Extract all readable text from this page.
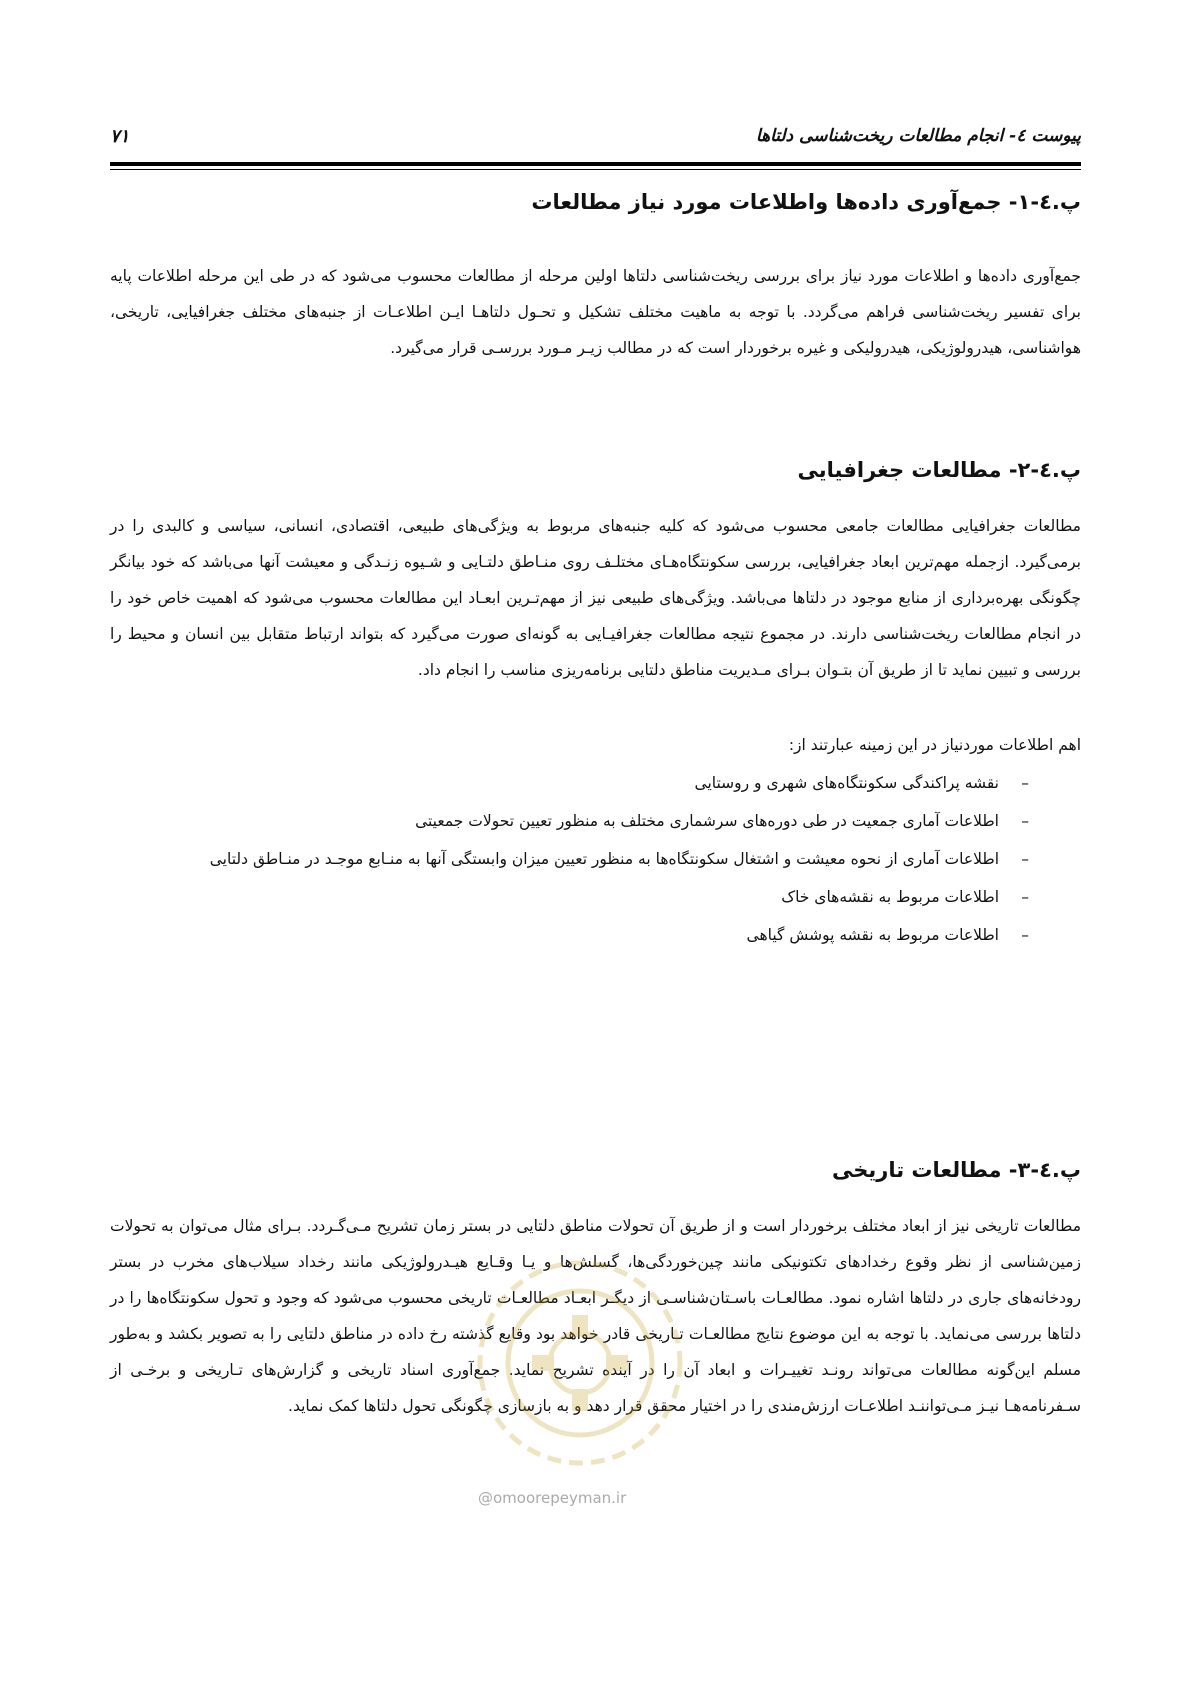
پیوست ٤- انجام مطالعات ریخت‌شناسی دلتاها
۷۱
پ.٤-۱- جمع‌آوری داده‌ها واطلاعات مورد نیاز مطالعات
جمع‌آوری داده‌ها و اطلاعات مورد نیاز برای بررسی ریخت‌شناسی دلتاها اولین مرحله از مطالعات محسوب می‌شود که در طی این مرحله اطلاعات پایه برای تفسیر ریخت‌شناسی فراهم می‌گردد. با توجه به ماهیت مختلف تشکیل و تحـول دلتاهـا ایـن اطلاعـات از جنبه‌های مختلف جغرافیایی، تاریخی، هواشناسی، هیدرولوژیکی، هیدرولیکی و غیره برخوردار است که در مطالب زیـر مـورد بررسـی قرار می‌گیرد.
پ.٤-۲- مطالعات جغرافیایی
مطالعات جغرافیایی مطالعات جامعی محسوب می‌شود که کلیه جنبه‌های مربوط به ویژگی‌های طبیعی، اقتصادی، انسانی، سیاسی و کالبدی را در برمی‌گیرد. ازجمله مهم‌ترین ابعاد جغرافیایی، بررسی سکونتگاه‌هـای مختلـف روی منـاطق دلتـایی و شـیوه زنـدگی و معیشت آنها می‌باشد که خود بیانگر چگونگی بهره‌برداری از منابع موجود در دلتاها می‌باشد. ویژگی‌های طبیعی نیز از مهم‌تـرین ابعـاد این مطالعات محسوب می‌شود که اهمیت خاص خود را در انجام مطالعات ریخت‌شناسی دارند. در مجموع نتیجه مطالعات جغرافیـایی به گونه‌ای صورت می‌گیرد که بتواند ارتباط متقابل بین انسان و محیط را بررسی و تبیین نماید تا از طریق آن بتـوان بـرای مـدیریت مناطق دلتایی برنامه‌ریزی مناسب را انجام داد.
اهم اطلاعات موردنیاز در این زمینه عبارتند از:
–
نقشه پراکندگی سکونتگاه‌های شهری و روستایی
–
اطلاعات آماری جمعیت در طی دوره‌های سرشماری مختلف به منظور تعیین تحولات جمعیتی
–
اطلاعات آماری از نحوه معیشت و اشتغال سکونتگاه‌ها به منظور تعیین میزان وابستگی آنها به منـابع موجـد در منـاطق دلتایی
–
اطلاعات مربوط به نقشه‌های خاک
–
اطلاعات مربوط به نقشه پوشش گیاهی
پ.٤-۳- مطالعات تاریخی
مطالعات تاریخی نیز از ابعاد مختلف برخوردار است و از طریق آن تحولات مناطق دلتایی در بستر زمان تشریح مـی‌گـردد. بـرای مثال می‌توان به تحولات زمین‌شناسی از نظر وقوع رخدادهای تکتونیکی مانند چین‌خوردگی‌ها، گسلش‌ها و یـا وقـایع هیـدرولوژیکی مانند رخداد سیلاب‌های مخرب در بستر رودخانه‌های جاری در دلتاها اشاره نمود. مطالعـات باسـتان‌شناسـی از دیگـر ابعـاد مطالعـات تاریخی محسوب می‌شود که وجود و تحول سکونتگاه‌ها را در دلتاها بررسی می‌نماید. با توجه به این موضوع نتایج مطالعـات تـاریخی قادر خواهد بود وقایع گذشته رخ داده در مناطق دلتایی را به تصویر بکشد و به‌طور مسلم این‌گونه مطالعات می‌تواند رونـد تغییـرات و ابعاد آن را در آینده تشریح نماید. جمع‌آوری اسناد تاریخی و گزارش‌های تـاریخی و برخـی از سـفرنامه‌هـا نیـز مـی‌تواننـد اطلاعـات ارزش‌مندی را در اختیار محقق قرار دهد و به بازسازی چگونگی تحول دلتاها کمک نماید.
@omoorepeyman.ir
